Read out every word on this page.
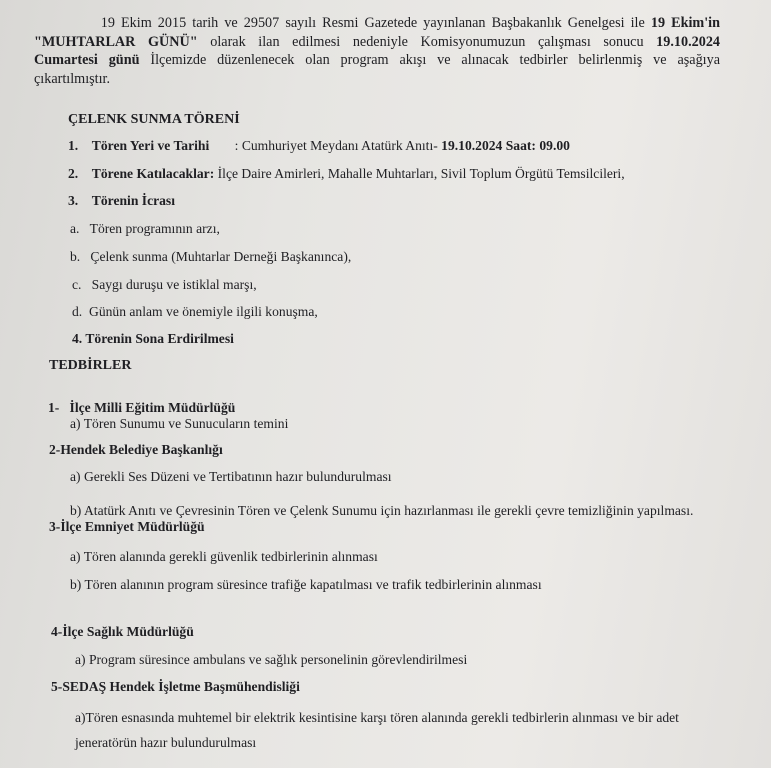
19 Ekim 2015 tarih ve 29507 sayılı Resmi Gazetede yayınlanan Başbakanlık Genelgesi ile 19 Ekim'in
"MUHTARLAR GÜNÜ" olarak ilan edilmesi nedeniyle Komisyonumuzun çalışması sonucu 19.10.2024
Cumartesi günü İlçemizde düzenlenecek olan program akışı ve alınacak tedbirler belirlenmiş ve aşağıya
çıkartılmıştır.
ÇELENK SUNMA TÖRENİ
1. Tören Yeri ve Tarihi : Cumhuriyet Meydanı Atatürk Anıtı- 19.10.2024 Saat: 09.00
2. Törene Katılacaklar: İlçe Daire Amirleri, Mahalle Muhtarları, Sivil Toplum Örgütü Temsilcileri,
3. Törenin İcrası
a. Tören programının arzı,
b. Çelenk sunma (Muhtarlar Derneği Başkanınca),
c. Saygı duruşu ve istiklal marşı,
d. Günün anlam ve önemiyle ilgili konuşma,
4. Törenin Sona Erdirilmesi
TEDBİRLER
1- İlçe Milli Eğitim Müdürlüğü
a) Tören Sunumu ve Sunucuların temini
2-Hendek Belediye Başkanlığı
a) Gerekli Ses Düzeni ve Tertibatının hazır bulundurulması
b) Atatürk Anıtı ve Çevresinin Tören ve Çelenk Sunumu için hazırlanması ile gerekli çevre temizliğinin yapılması.
3-İlçe Emniyet Müdürlüğü
a) Tören alanında gerekli güvenlik tedbirlerinin alınması
b) Tören alanının program süresince trafiğe kapatılması ve trafik tedbirlerinin alınması
4-İlçe Sağlık Müdürlüğü
a) Program süresince ambulans ve sağlık personelinin görevlendirilmesi
5-SEDAŞ Hendek İşletme Başmühendisliği
a)Tören esnasında muhtemel bir elektrik kesintisine karşı tören alanında gerekli tedbirlerin alınması ve bir adet
jeneratörün hazır bulundurulması
